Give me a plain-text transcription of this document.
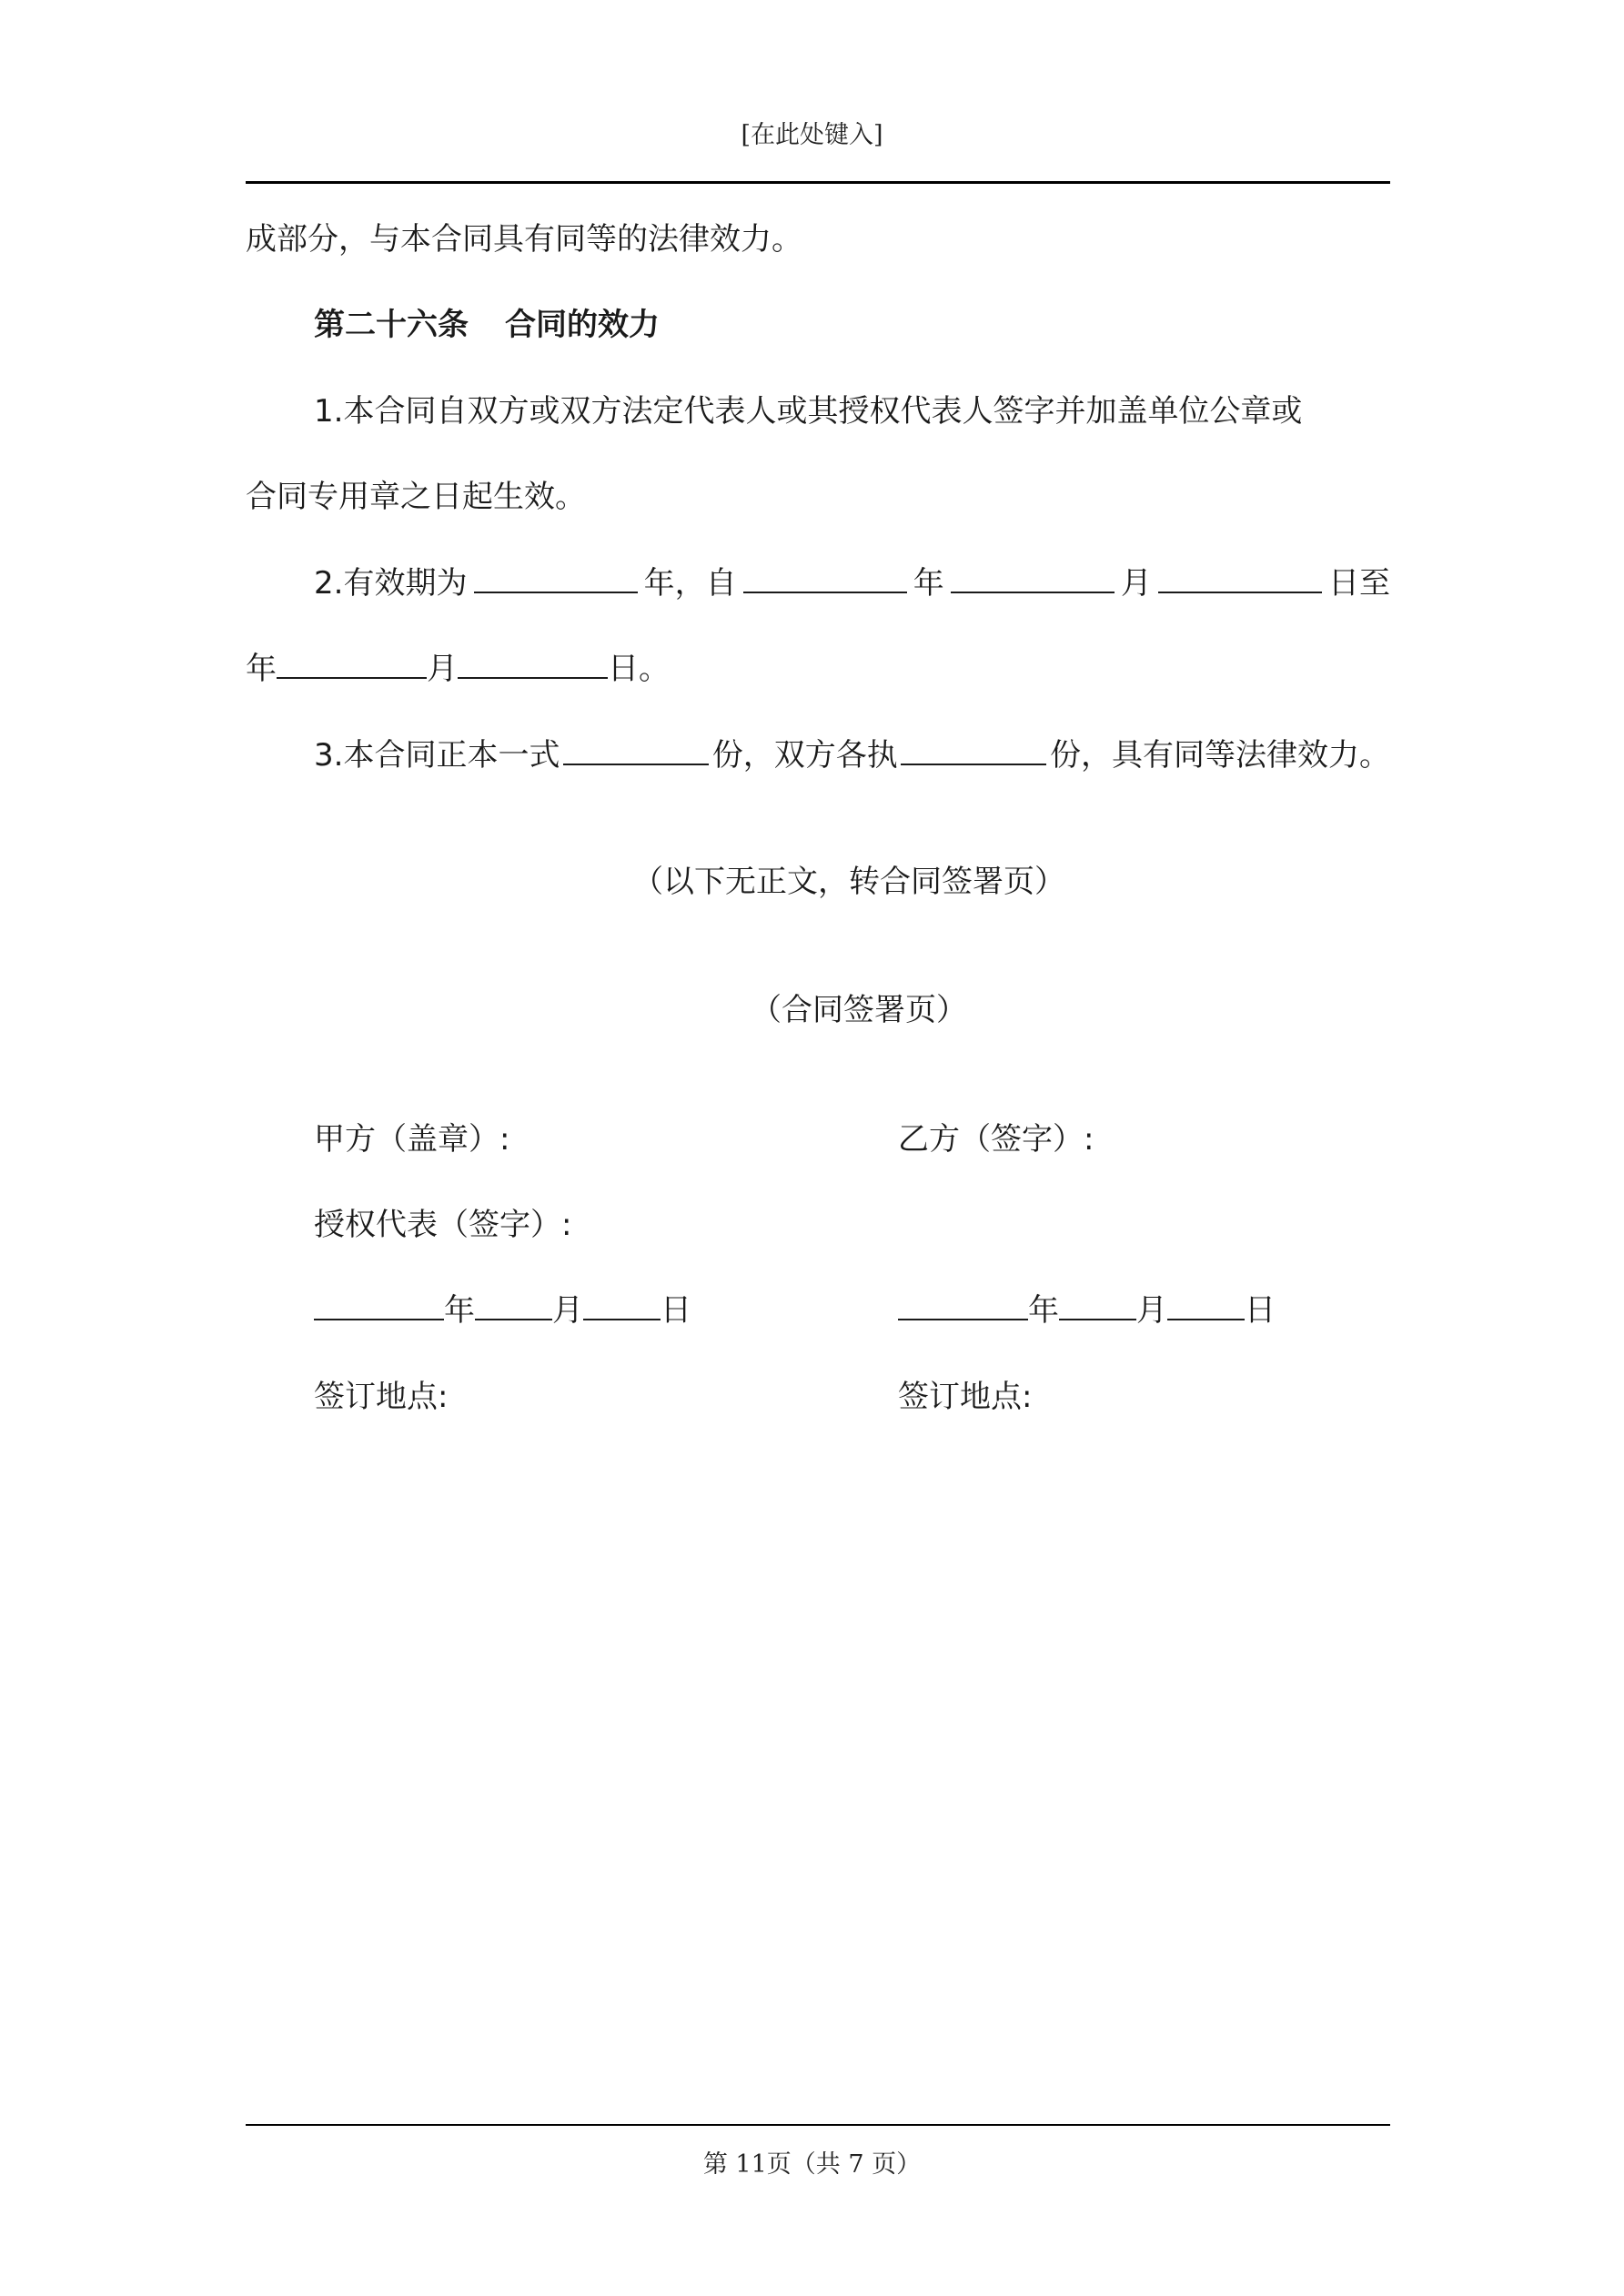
[在此处键入]
成部分，与本合同具有同等的法律效力。
第二十六条 合同的效力
1.本合同自双方或双方法定代表人或其授权代表人签字并加盖单位公章或
合同专用章之日起生效。
2.有效期为	年，自	年	月	日至
年	月	日。
3.本合同正本一式	份，双方各执	份，具有同等法律效力。
（以下无正文，转合同签署页）
（合同签署页）
甲方（盖章）:	乙方（签字）:
授权代表（签字）:
年	月	日	年	月	日
签订地点:	签订地点:
第 11页（共 7 页）
